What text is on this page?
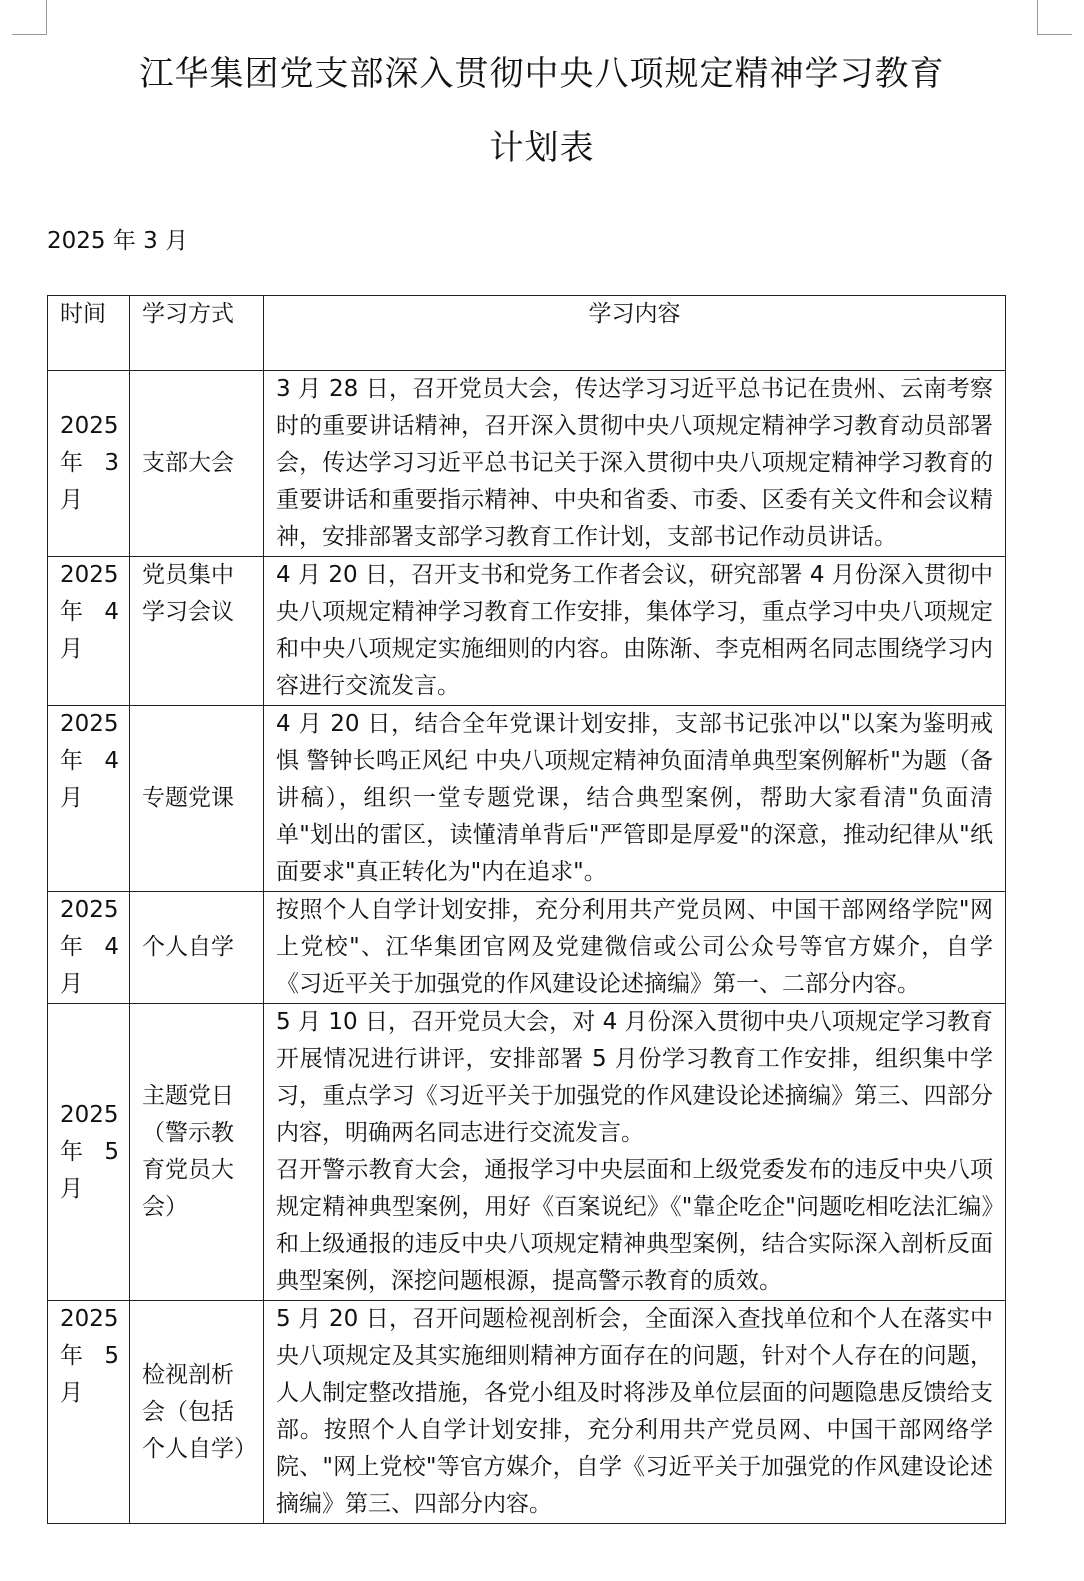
江华集团党支部深入贯彻中央八项规定精神学习教育
计划表
2025 年 3 月
时间	学习方式	学习内容
2025 年 3 月	支部大会	3 月 28 日，召开党员大会，传达学习习近平总书记在贵州、云南考察时的重要讲话精神，召开深入贯彻中央八项规定精神学习教育动员部署会，传达学习习近平总书记关于深入贯彻中央八项规定精神学习教育的重要讲话和重要指示精神、中央和省委、市委、区委有关文件和会议精神，安排部署支部学习教育工作计划，支部书记作动员讲话。

2025 年 4 月	党员集中学习会议	4 月 20 日，召开支书和党务工作者会议，研究部署 4 月份深入贯彻中央八项规定精神学习教育工作安排，集体学习，重点学习中央八项规定和中央八项规定实施细则的内容。由陈渐、李克相两名同志围绕学习内容进行交流发言。

2025 年 4 月	专题党课	4 月 20 日，结合全年党课计划安排，支部书记张冲以"以案为鉴明戒惧 警钟长鸣正风纪 中央八项规定精神负面清单典型案例解析"为题（备讲稿），组织一堂专题党课，结合典型案例，帮助大家看清"负面清单"划出的雷区，读懂清单背后"严管即是厚爱"的深意，推动纪律从"纸面要求"真正转化为"内在追求"。

2025 年 4 月	个人自学	按照个人自学计划安排，充分利用共产党员网、中国干部网络学院"网上党校"、江华集团官网及党建微信或公司公众号等官方媒介，自学《习近平关于加强党的作风建设论述摘编》第一、二部分内容。

2025 年 5 月	主题党日（警示教育党员大会）	5 月 10 日，召开党员大会，对 4 月份深入贯彻中央八项规定学习教育开展情况进行讲评，安排部署 5 月份学习教育工作安排，组织集中学习，重点学习《习近平关于加强党的作风建设论述摘编》第三、四部分内容，明确两名同志进行交流发言。
召开警示教育大会，通报学习中央层面和上级党委发布的违反中央八项规定精神典型案例，用好《百案说纪》《"靠企吃企"问题吃相吃法汇编》和上级通报的违反中央八项规定精神典型案例，结合实际深入剖析反面典型案例，深挖问题根源，提高警示教育的质效。

2025 年 5 月	检视剖析会（包括个人自学）	5 月 20 日，召开问题检视剖析会，全面深入查找单位和个人在落实中央八项规定及其实施细则精神方面存在的问题，针对个人存在的问题，人人制定整改措施，各党小组及时将涉及单位层面的问题隐患反馈给支部。按照个人自学计划安排，充分利用共产党员网、中国干部网络学院、"网上党校"等官方媒介，自学《习近平关于加强党的作风建设论述摘编》第三、四部分内容。
